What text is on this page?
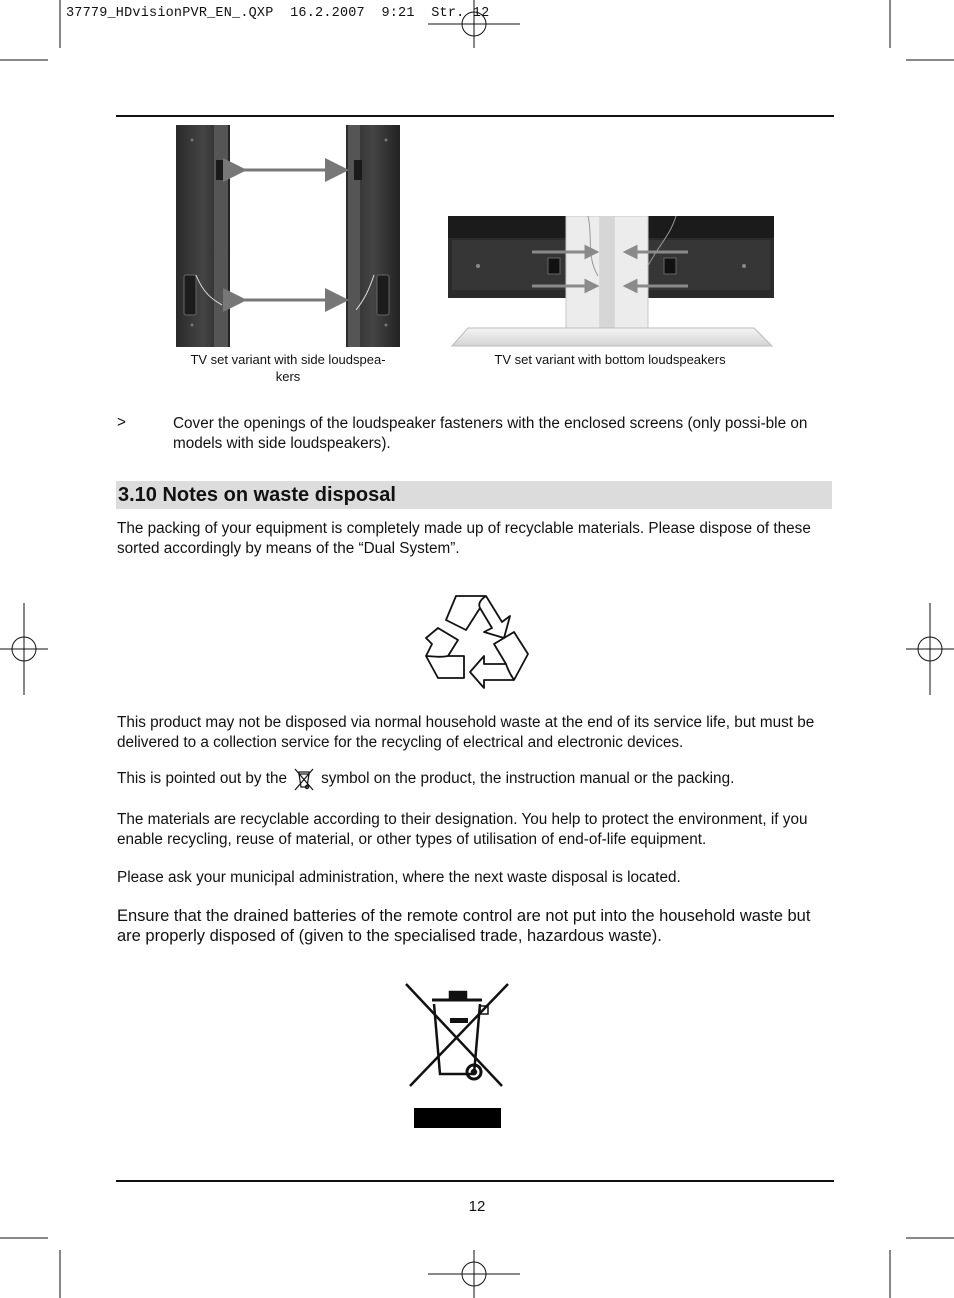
37779_HDvisionPVR_EN_.QXP  16.2.2007  9:21  Str. 12
TV set variant with side loudspea-
kers
TV set variant with bottom loudspeakers
>	Cover the openings of the loudspeaker fasteners with the enclosed screens (only possi-ble on models with side loudspeakers).
3.10 Notes on waste disposal
The packing of your equipment is completely made up of recyclable materials. Please dispose of these sorted accordingly by means of the “Dual System”.
This product may not be disposed via normal household waste at the end of its service life, but must be delivered to a collection service for the recycling of electrical and electronic devices.
This is pointed out by the symbol on the product, the instruction manual or the packing.
The materials are recyclable according to their designation. You help to protect the environment, if you enable recycling, reuse of material, or other types of utilisation of end-of-life equipment.
Please ask your municipal administration, where the next waste disposal is located.
Ensure that the drained batteries of the remote control are not put into the household waste but are properly disposed of (given to the specialised trade, hazardous waste).
12
